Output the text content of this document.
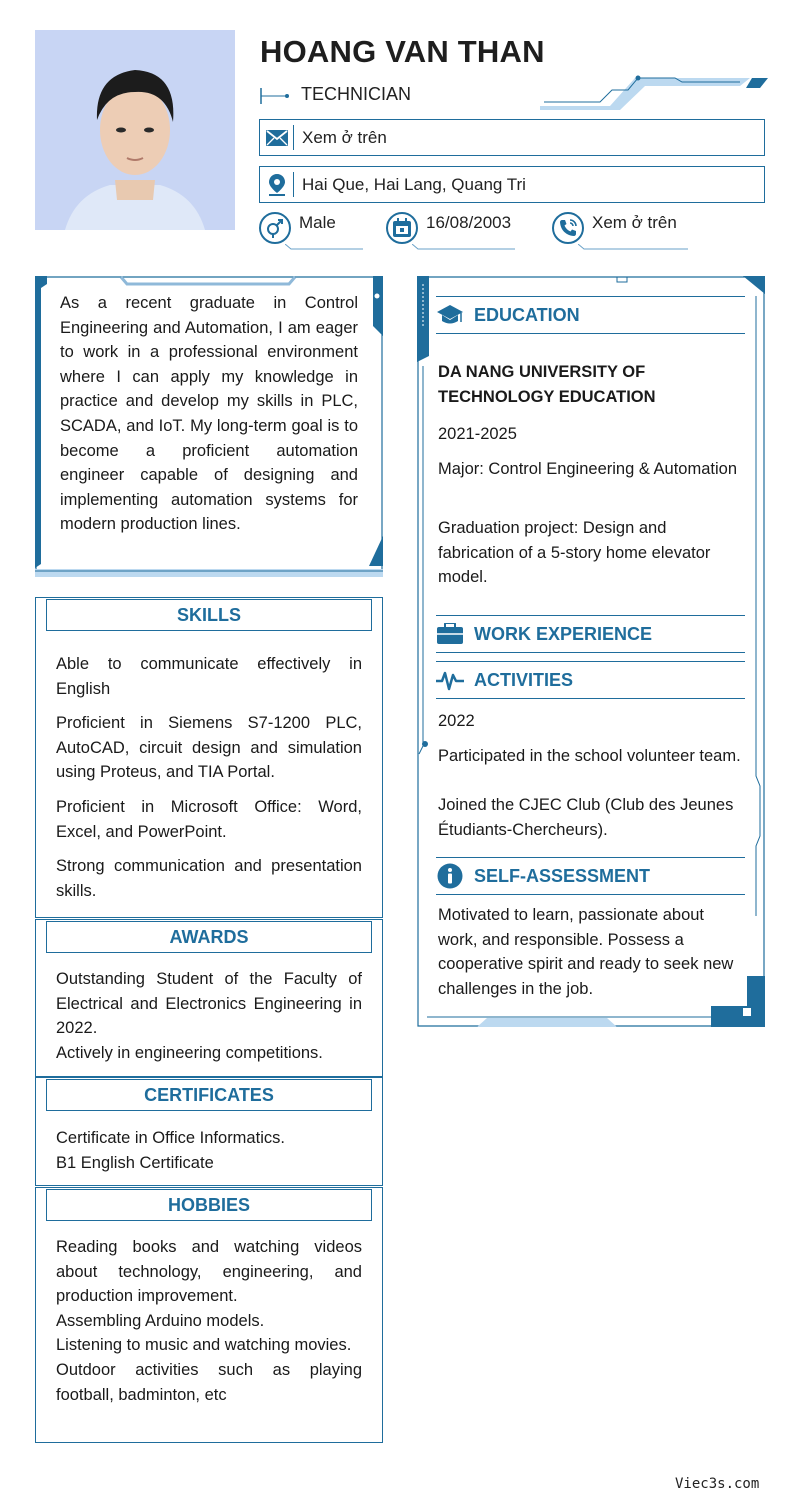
HOANG VAN THAN
TECHNICIAN
Xem ở trên
Hai Que, Hai Lang, Quang Tri
Male	16/08/2003	Xem ở trên
As a recent graduate in Control Engineering and Automation, I am eager to work in a professional environment where I can apply my knowledge in practice and develop my skills in PLC, SCADA, and IoT. My long-term goal is to become a proficient automation engineer capable of designing and implementing automation systems for modern production lines.
SKILLS

Able to communicate effectively in English

Proficient in Siemens S7-1200 PLC, AutoCAD, circuit design and simulation using Proteus, and TIA Portal.

Proficient in Microsoft Office: Word, Excel, and PowerPoint.

Strong communication and presentation skills.

AWARDS
Outstanding Student of the Faculty of Electrical and Electronics Engineering in 2022.
Actively in engineering competitions.
CERTIFICATES
Certificate in Office Informatics.
B1 English Certificate
HOBBIES
Reading books and watching videos about technology, engineering, and production improvement.
Assembling Arduino models.
Listening to music and watching movies.
Outdoor activities such as playing football, badminton, etc
EDUCATION
DA NANG UNIVERSITY OF TECHNOLOGY EDUCATION
2021-2025
Major: Control Engineering & Automation
Graduation project: Design and fabrication of a 5-story home elevator model.
WORK EXPERIENCE
ACTIVITIES
2022
Participated in the school volunteer team.
Joined the CJEC Club (Club des Jeunes Étudiants-Chercheurs).
SELF-ASSESSMENT
Motivated to learn, passionate about work, and responsible. Possess a cooperative spirit and ready to seek new challenges in the job.
Viec3s.com
